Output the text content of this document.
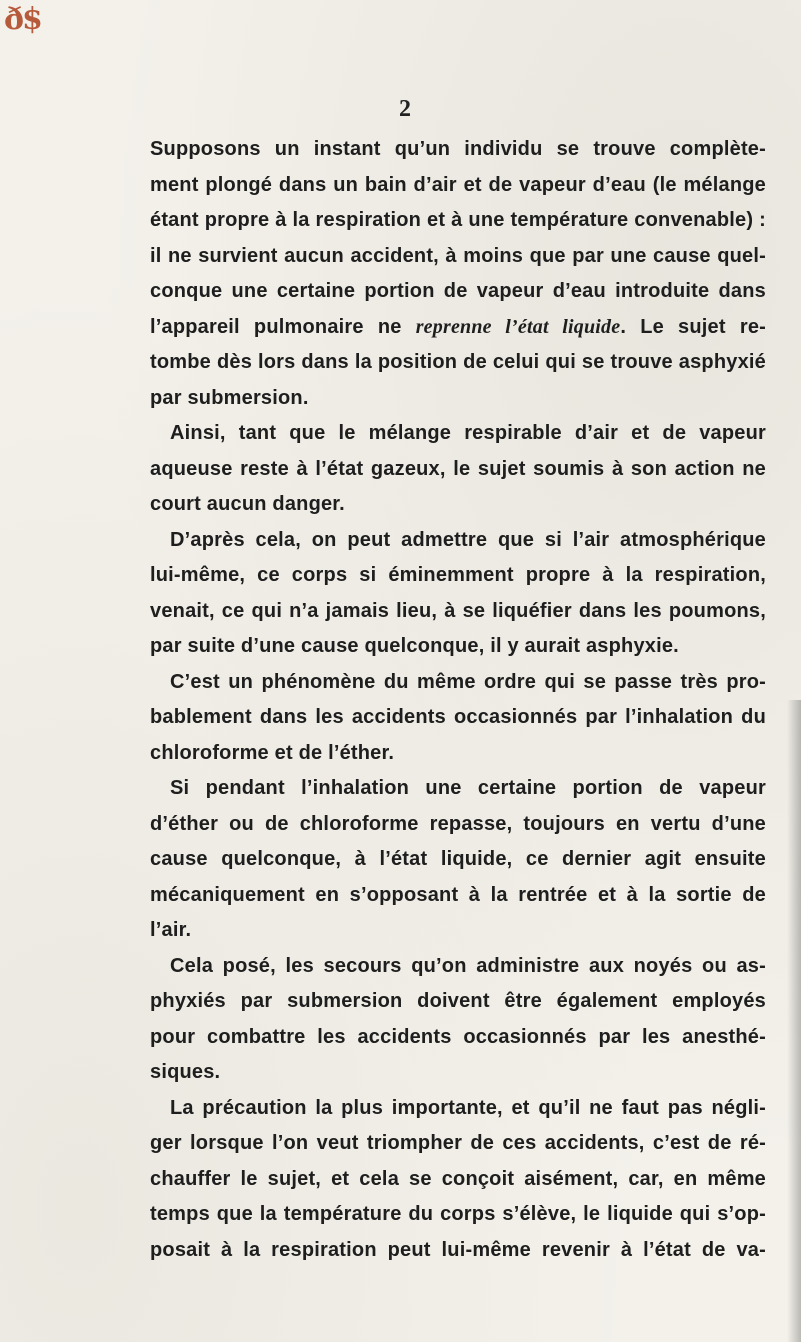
ð$
2
Supposons un instant qu’un individu se trouve complète-
ment plongé dans un bain d’air et de vapeur d’eau (le mélange
étant propre à la respiration et à une température convenable) :
il ne survient aucun accident, à moins que par une cause quel-
conque une certaine portion de vapeur d’eau introduite dans
l’appareil pulmonaire ne reprenne l’état liquide. Le sujet re-
tombe dès lors dans la position de celui qui se trouve asphyxié
par submersion.
Ainsi, tant que le mélange respirable d’air et de vapeur
aqueuse reste à l’état gazeux, le sujet soumis à son action ne
court aucun danger.
D’après cela, on peut admettre que si l’air atmosphérique
lui-même, ce corps si éminemment propre à la respiration,
venait, ce qui n’a jamais lieu, à se liquéfier dans les poumons,
par suite d’une cause quelconque, il y aurait asphyxie.
C’est un phénomène du même ordre qui se passe très pro-
bablement dans les accidents occasionnés par l’inhalation du
chloroforme et de l’éther.
Si pendant l’inhalation une certaine portion de vapeur
d’éther ou de chloroforme repasse, toujours en vertu d’une
cause quelconque, à l’état liquide, ce dernier agit ensuite
mécaniquement en s’opposant à la rentrée et à la sortie de
l’air.
Cela posé, les secours qu’on administre aux noyés ou as-
phyxiés par submersion doivent être également employés
pour combattre les accidents occasionnés par les anesthé-
siques.
La précaution la plus importante, et qu’il ne faut pas négli-
ger lorsque l’on veut triompher de ces accidents, c’est de ré-
chauffer le sujet, et cela se conçoit aisément, car, en même
temps que la température du corps s’élève, le liquide qui s’op-
posait à la respiration peut lui-même revenir à l’état de va-
